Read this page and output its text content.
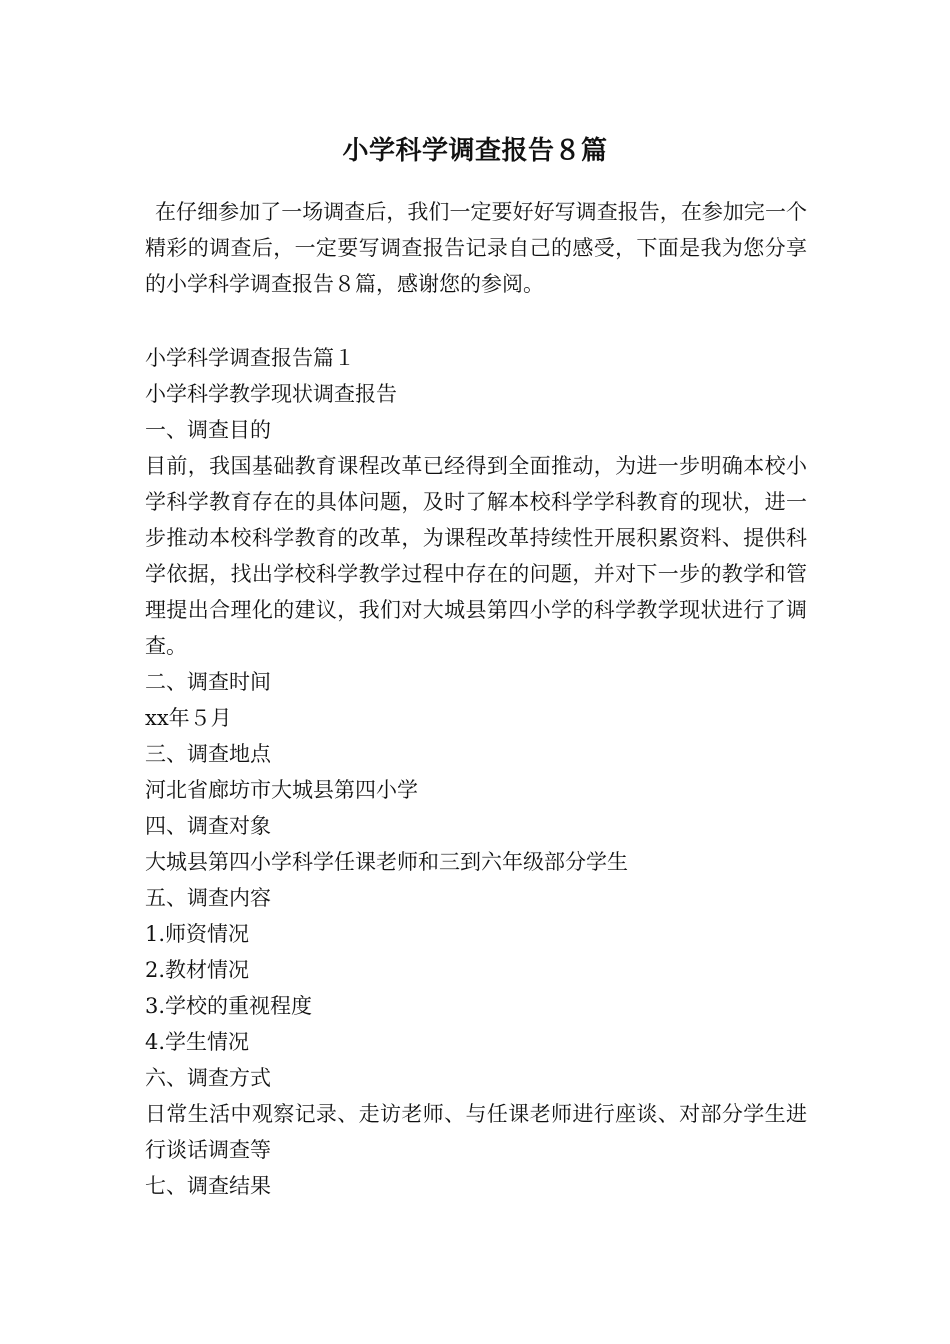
小学科学调查报告８篇
在仔细参加了一场调查后，我们一定要好好写调查报告，在参加完一个精彩的调查后，一定要写调查报告记录自己的感受，下面是我为您分享的小学科学调查报告８篇，感谢您的参阅。

小学科学调查报告篇１

小学科学教学现状调查报告

一、调查目的

目前，我国基础教育课程改革已经得到全面推动，为进一步明确本校小学科学教育存在的具体问题，及时了解本校科学学科教育的现状，进一步推动本校科学教育的改革，为课程改革持续性开展积累资料、提供科学依据，找出学校科学教学过程中存在的问题，并对下一步的教学和管理提出合理化的建议，我们对大城县第四小学的科学教学现状进行了调查。

二、调查时间

xx年５月

三、调查地点

河北省廊坊市大城县第四小学

四、调查对象

大城县第四小学科学任课老师和三到六年级部分学生

五、调查内容

1.师资情况

2.教材情况

3.学校的重视程度

4.学生情况

六、调查方式

日常生活中观察记录、走访老师、与任课老师进行座谈、对部分学生进行谈话调查等

七、调查结果
